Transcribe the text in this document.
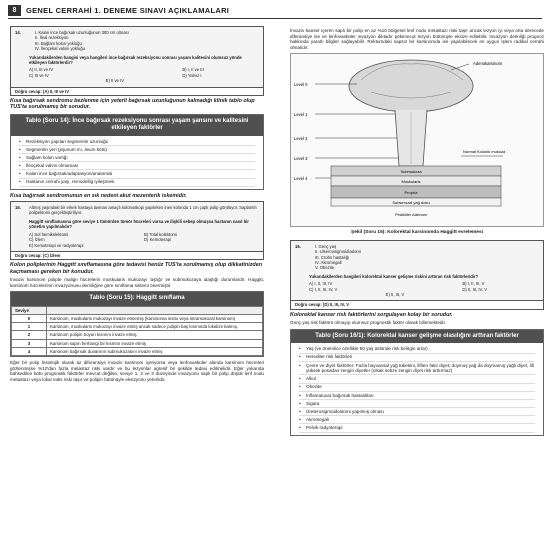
8	GENEL CERRAHİ 1. DENEME SINAVI AÇIKLAMALARI
14.	I. Kalan ince bağırsak uzunluğunun 300 cm olması
II. İleal rezeksiyon
III. Bağlam kolon yokluğu
IV. İleoçekal valvin yokluğu
Yukarıdakilerden hangisi veya hangileri ince bağırsak rezeksiyonu sonrası yaşam kalitesini olumsuz yönde etkileyen faktörlerdir?
A) II, III ve IV	B) I, II ve III
C) III ve IV	D) Yalnız I
E) II ve IV
Doğru cevap: (A) II, III ve IV
Kısa bağırsak sendromu bezlenme için yeterli bağırsak uzunluğunun kalmadığı klinik tablo olup TUS'ta sorulmamış bir sorudur.
Tablo (Soru 14): İnce bağırsak rezeksiyonu sonrası yaşam şansını ve kalitesini etkileyen faktörler
• Rezeksiyon yapılan segmentin uzunluğu
• Segmentin yeri (jejunum mı, ileum kötü)
• Sağlam kolon varlığı
• İleoçekal valvin olmaması
• Kalan ince bağırsak/adaptasyon/anatomisi
• Hastanın cerrahi yaşı, remodellig iyileşmesi
Kısa bağırsak sendromunun en sık nedeni akut mezenterik iskemidir.
16.	Altmış yaşındaki bir erkek hastaya lavman amaçlı kolonoskopi yapılırken inen kolonda 1 cm çaplı polip görülüyor. Saplantılı polipektomi gerçekleştiriliyor.
Haggitt sınıflamasına göre seviye 1 tümörden tümör hücreleri varsa ve ilişkili sebep olmuşsa hastanın nasıl bir yönetim yapılmalıdır?
A) Sol hemikolektomi	B) Total kolektomi
C) İzlem	D) Kemoterapi
E) Kemoterapi ve radyoterapi
Doğru cevap: (C) İzlem
Kolon poliplerinin Haggitt sınıflamasına göre tedavisi henüz TUS'ta sorulmamış olup dikkatinizden kaçmaması gereken bir konudur.
İnvaziv karsinom polipte malign hücrelerin muskularis mukozayı 'aştığı' ve submukozaya ulaştığı durumlardır. Haggitt, karsinom hücrelerinin invazyonunu derinliğine göre sınıflama sistemi önermiştir.
Tablo (Soru 15): Haggitt sınıflama
Seviye	
0	Karsinom, muskularis mukozayı invaze etmemiş (karsinoma insitu veya intramukozal karsinom)
1	Karsinom, muskularis mukozayı invaze etmiş ancak sadece polipin baş kısmında lokalize kalmış.
2	Karsinom polipin boyun kısmını invaze etmiş
3	Karsinom sapın herhangi bir kısmını invaze etmiş
4	Karsinom bağırsak duvarının submukozasını invaze etmiş
Eğer bir polip histolojik olarak az diferansiye invaziv karsinom içeriyorsa veya lenfovasküler alanda karsinom hücreleri gözlenmişse %10'dan fazla metastaz riski vardır ve bu lezyonlar agresif bir şekilde tedavi edilmelidir. Eğer yukarıda bahsedilen kötü prognostik faktörler mevcut değilse, seviye 1, 2 ve 3 düzeyinde invazyonu saplı bir polip düşük lenf nodu metastazı veya lokal nüks riski taşır ve polipin bütünüyle eksizyonu yeterlidir.
İnvaziv kanser içeren saplı bir polip en az %10 bölgesel lenf nodu metastazı riski taşır ancak lezyon iyi veya orta derecede diferansiye ise ve lenfovasküler invazyon diktadır pekimecut lezyon bütünüyle eksize edilebilir. İnvazyon derinliği prognoz hakkında yararlı bilgiler sağlayabilir. Rektumdaki sapsız bir karsinomda ise yapılabilecek en uygun işlem radikal cerrahi olmalıdır.
Adenokarsinom
Level 0
Level 1
Level 2
Level 3
Level 4
Normal Kolonik mukoza
Submukoza
Muskularis
Propria
Subserozal yağ doku
Pedikiller Adenom
Şekil (Soru 15): Kolorektal karsinomda Haggitt evrelemesi
16.	I. Genç yaş
II. Ulseroosigmoidiadomi
III. Crohn hastalığı
IV. Akromegali
V. Obezite
Yukarıdakilerden hangileri kolorektal kanser gelişme riskini arttıran risk faktörleridir?
A) I, II, III, IV	B) I, II, III, V
C) I, II, III, IV, V	D) II, III, IV, V
E) II, III, V
Doğru cevap: (D) II, III, IV, V
Kolorektal kanser risk faktörlerini sorgulayan kolay bir sorudur.
Genç yaş risk faktörü olmayıp olumsuz prognostik faktör olarak bilinmektedir.
Tablo (Soru 16/1): Kolorektal kanser gelişme olasılığını arttıran faktörler
• Yaş (ve önemlice özellikle 50 yaş üstünde risk belirgin artar)
• Herediter risk faktörleri
• Çevre ve diyet faktörler: Fazla hayvansal yağ tüketimi, lifiten fakir diyet, doymuş yağ da doymamış yağlı diyet, lifi yüksek posadan zengin diyetler (olsak sebze zengin diyet risk arttırmaz)
• Alkol
• Obezite
• İnflamatuvar bağırsak hastalıkları
• Sigara
• Üreterosigmoidostomi yapılmış olması
• Akromegali
• Pelvik radyoterapi
